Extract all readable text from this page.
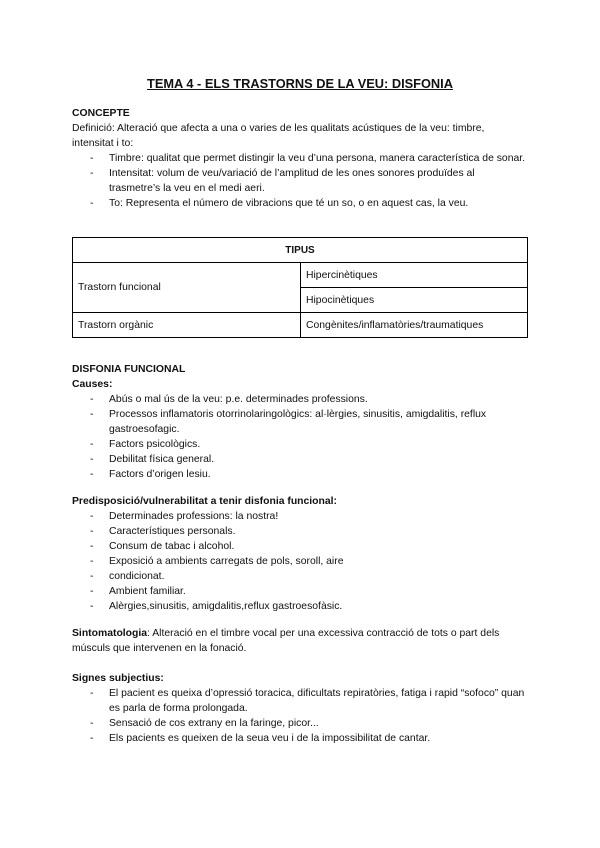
TEMA 4 - ELS TRASTORNS DE LA VEU: DISFONIA
CONCEPTE
Definició: Alteració que afecta a una o varies de les qualitats acústiques de la veu: timbre, intensitat i to:
- Timbre: qualitat que permet distingir la veu d’una persona, manera característica de sonar.
- Intensitat: volum de veu/variació de l’amplitud de les ones sonores produïdes al trasmetre’s la veu en el medi aeri.
- To: Representa el número de vibracions que té un so, o en aquest cas, la veu.
TIPUS	
Trastorn funcional	Hipercinètiques
	Hipocinètiques
Trastorn orgànic	Congènites/inflamatòries/traumatiques
DISFONIA FUNCIONAL
Causes:
- Abús o mal ús de la veu: p.e. determinades professions.
- Processos inflamatoris otorrinolaringològics: al·lèrgies, sinusitis, amigdalitis, reflux gastroesofagic.
- Factors psicològics.
- Debilitat física general.
- Factors d’origen lesiu.
Predisposició/vulnerabilitat a tenir disfonia funcional:
- Determinades professions: la nostra!
- Característiques personals.
- Consum de tabac i alcohol.
- Exposició a ambients carregats de pols, soroll, aire
- condicionat.
- Ambient familiar.
- Alèrgies,sinusitis, amigdalitis,reflux gastroesofàsic.
Sintomatologia: Alteració en el timbre vocal per una excessiva contracció de tots o part dels músculs que intervenen en la fonació.
Signes subjectius:
- El pacient es queixa d’opressió toracica, dificultats repiratòries, fatiga i rapid “sofoco” quan es parla de forma prolongada.
- Sensació de cos extrany en la faringe, picor...
- Els pacients es queixen de la seua veu i de la impossibilitat de cantar.
